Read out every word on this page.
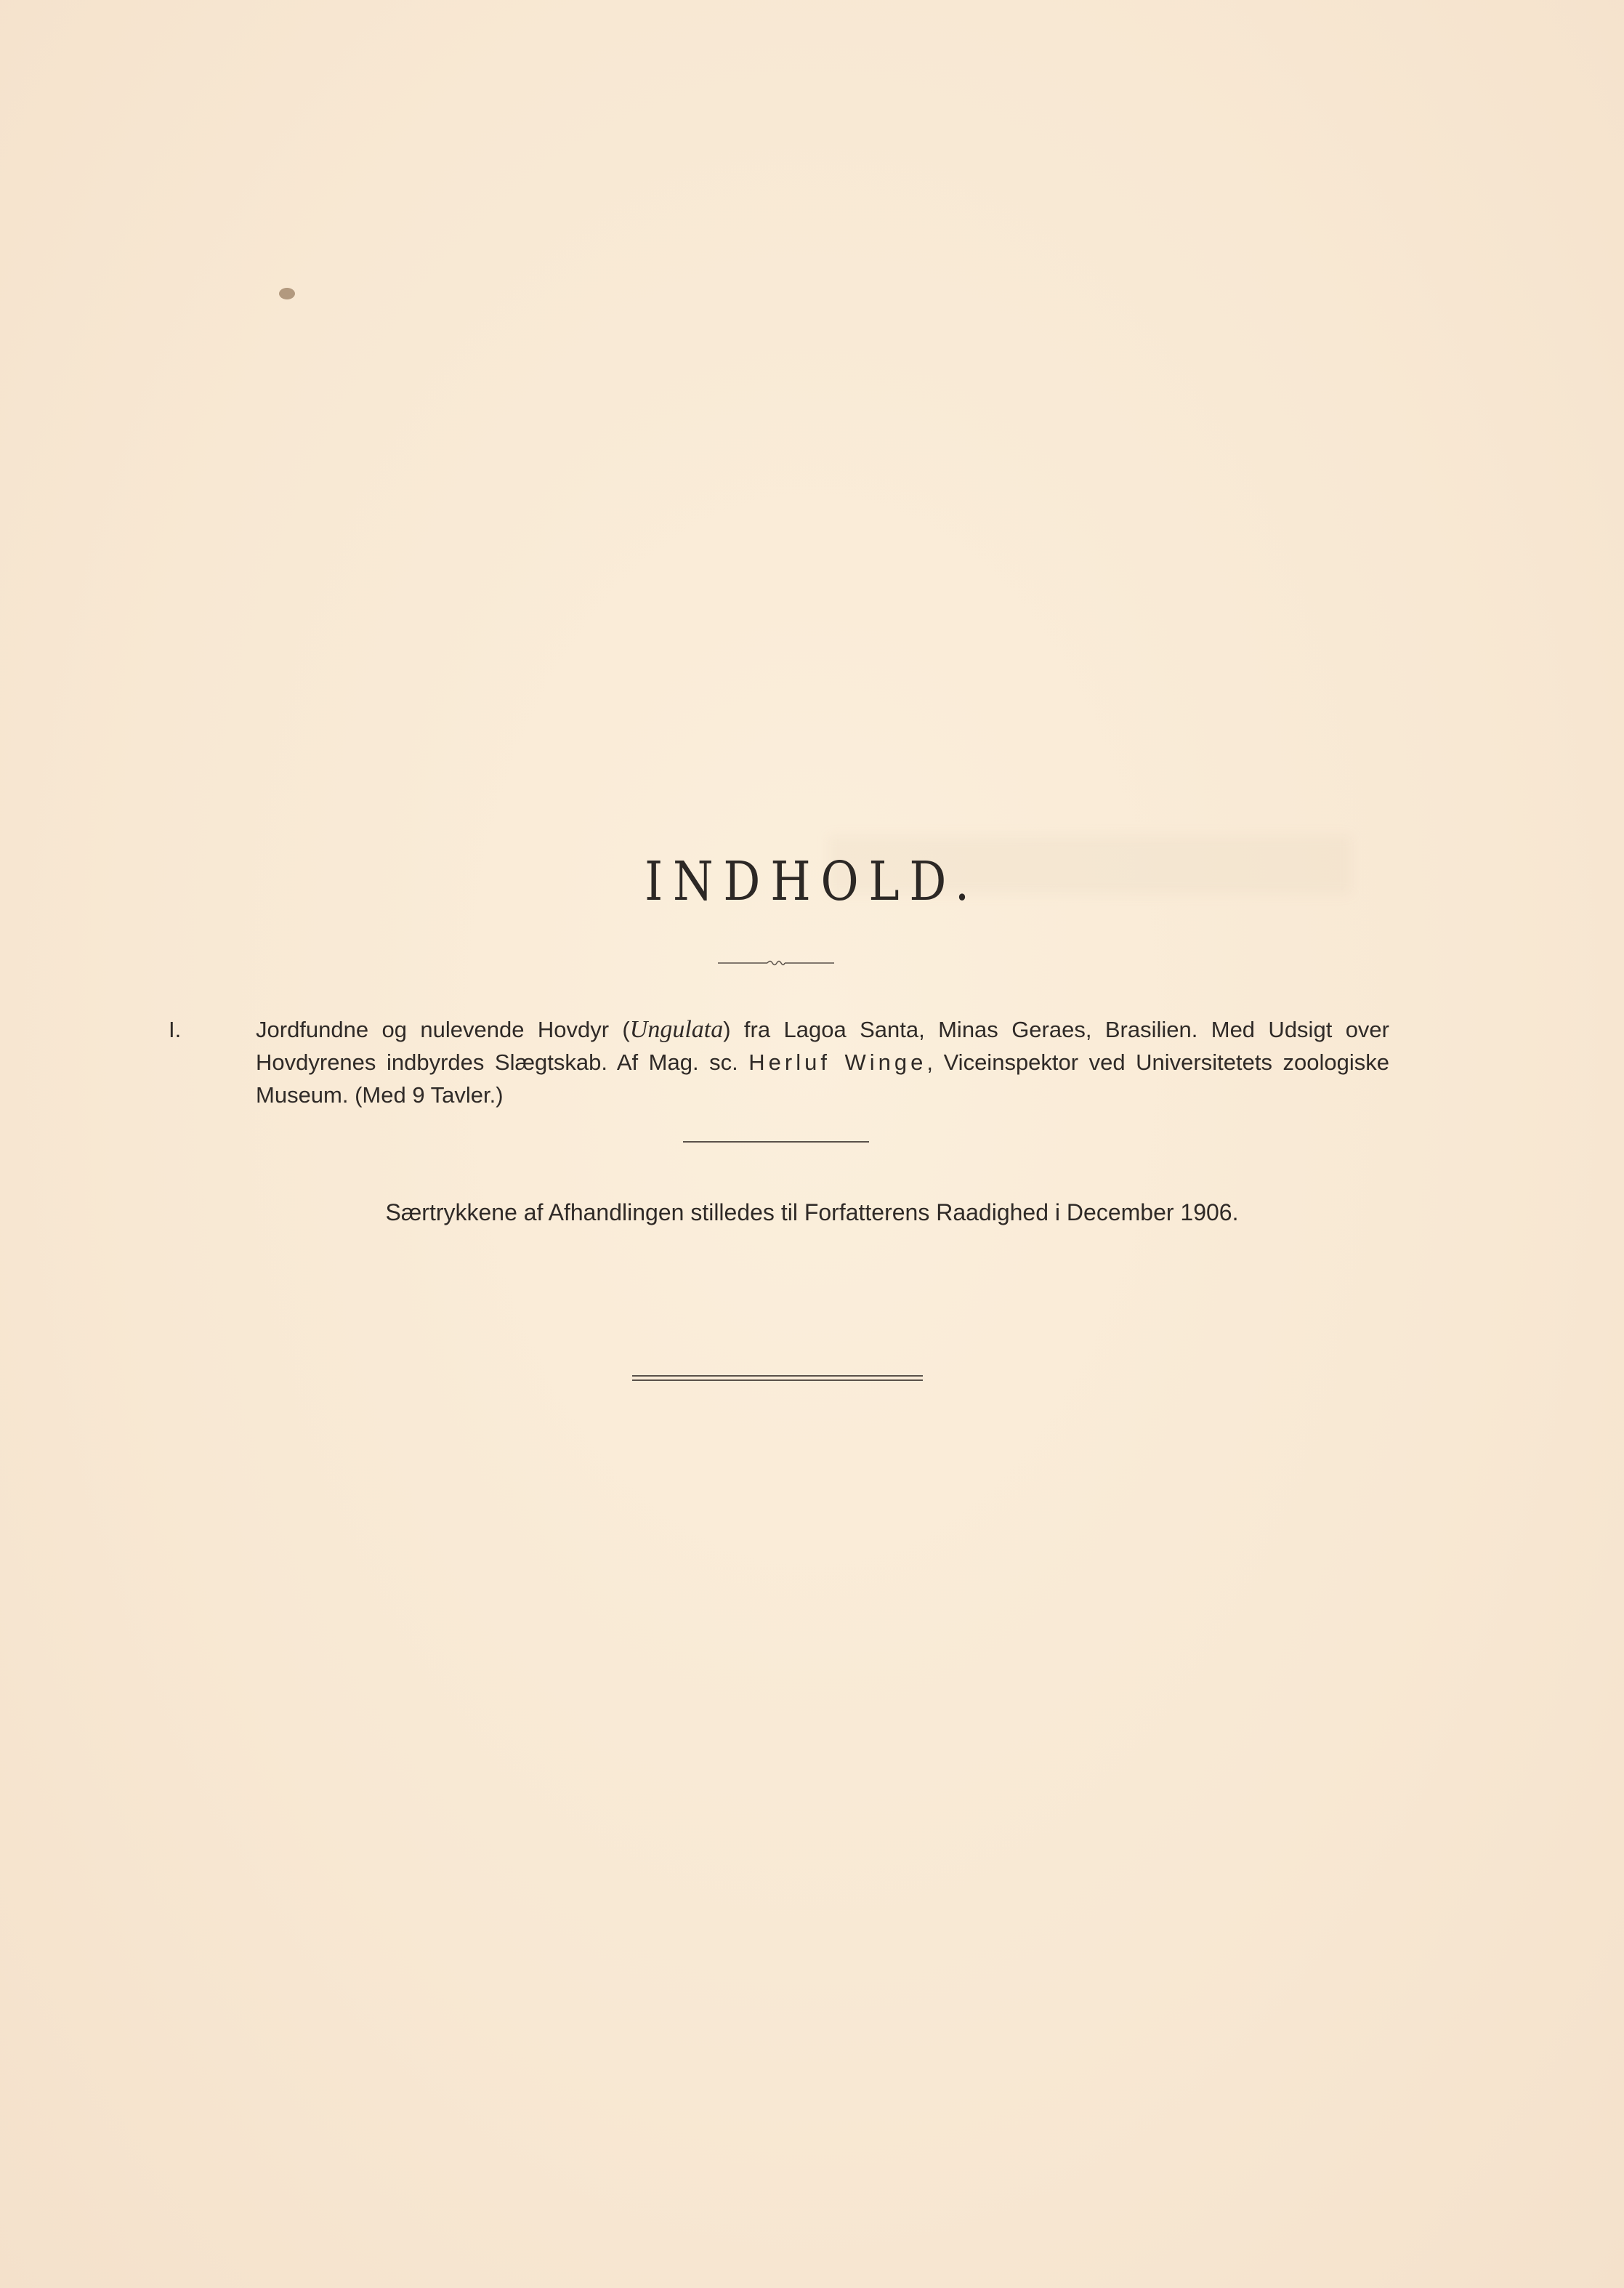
INDHOLD.
I.	Jordfundne og nulevende Hovdyr (Ungulata) fra Lagoa Santa, Minas Geraes, Brasilien. Med Udsigt over Hovdyrenes indbyrdes Slægtskab. Af Mag. sc. Herluf Winge, Viceinspektor ved Universitetets zoologiske Museum. (Med 9 Tavler.)
Særtrykkene af Afhandlingen stilledes til Forfatterens Raadighed i December 1906.
